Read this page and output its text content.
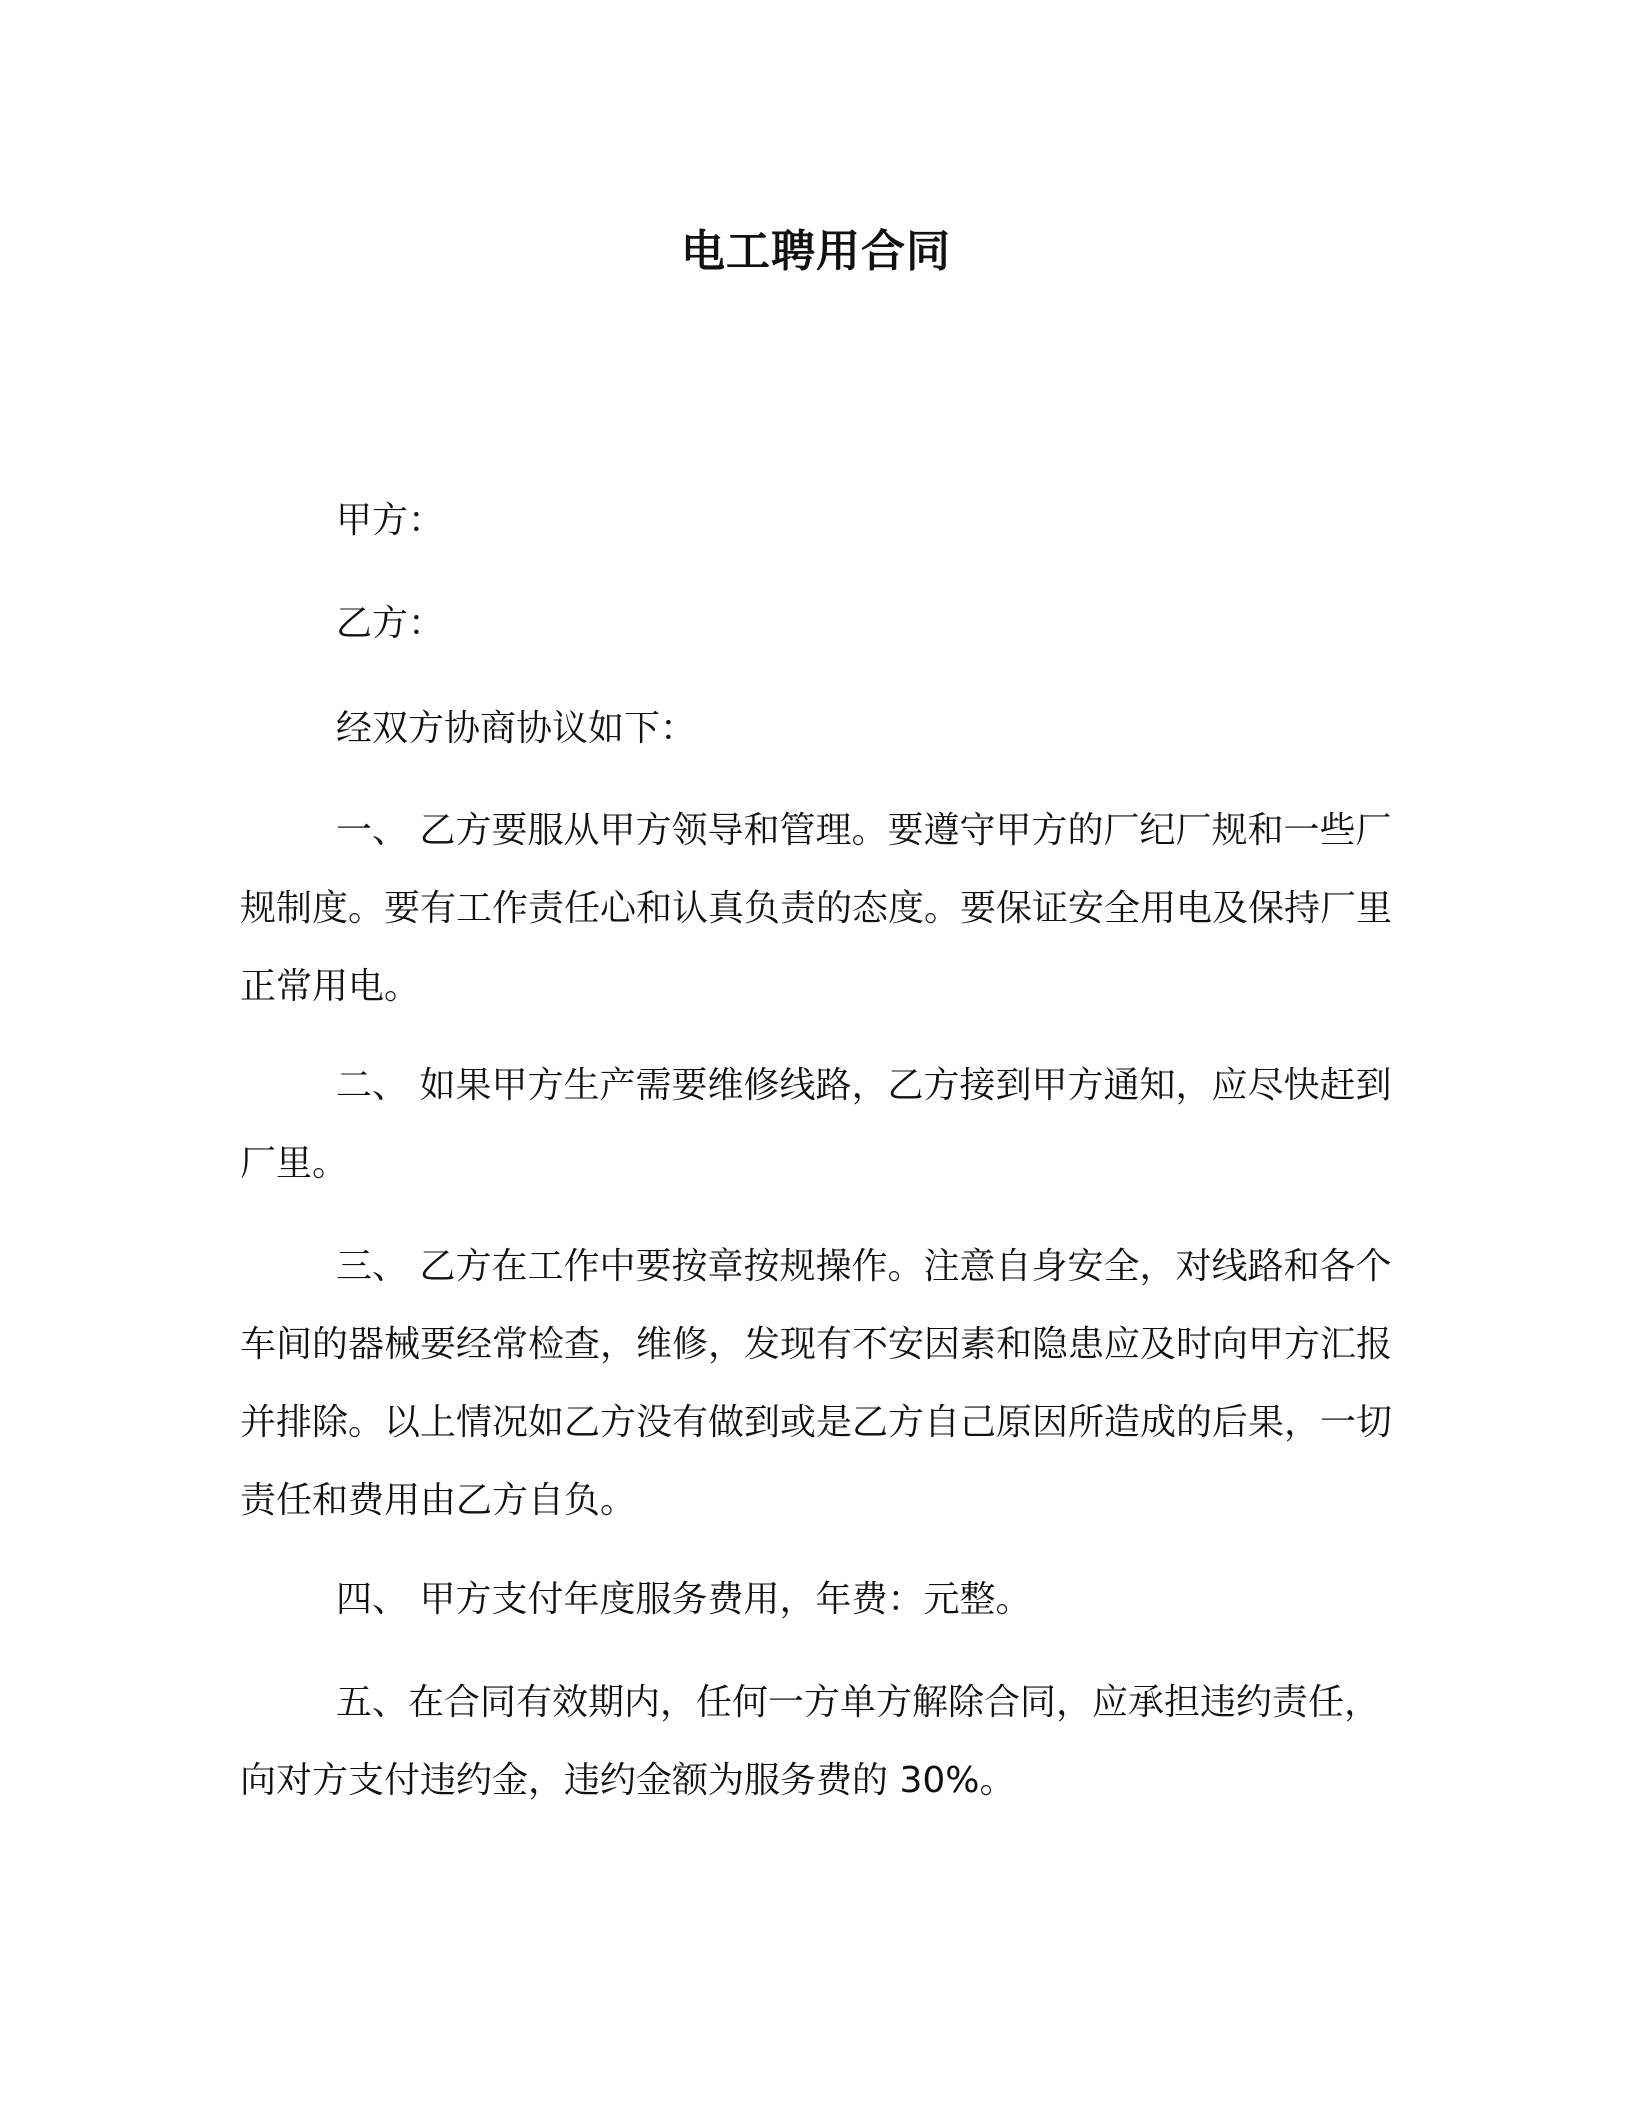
电工聘用合同

甲方：

乙方：

经双方协商协议如下：

一、 乙方要服从甲方领导和管理。要遵守甲方的厂纪厂规和一些厂规制度。要有工作责任心和认真负责的态度。要保证安全用电及保持厂里正常用电。

二、 如果甲方生产需要维修线路，乙方接到甲方通知，应尽快赶到厂里。

三、 乙方在工作中要按章按规操作。注意自身安全，对线路和各个车间的器械要经常检查，维修，发现有不安因素和隐患应及时向甲方汇报并排除。以上情况如乙方没有做到或是乙方自己原因所造成的后果，一切责任和费用由乙方自负。

四、 甲方支付年度服务费用，年费：元整。

五、在合同有效期内，任何一方单方解除合同，应承担违约责任，向对方支付违约金，违约金额为服务费的 30%。
